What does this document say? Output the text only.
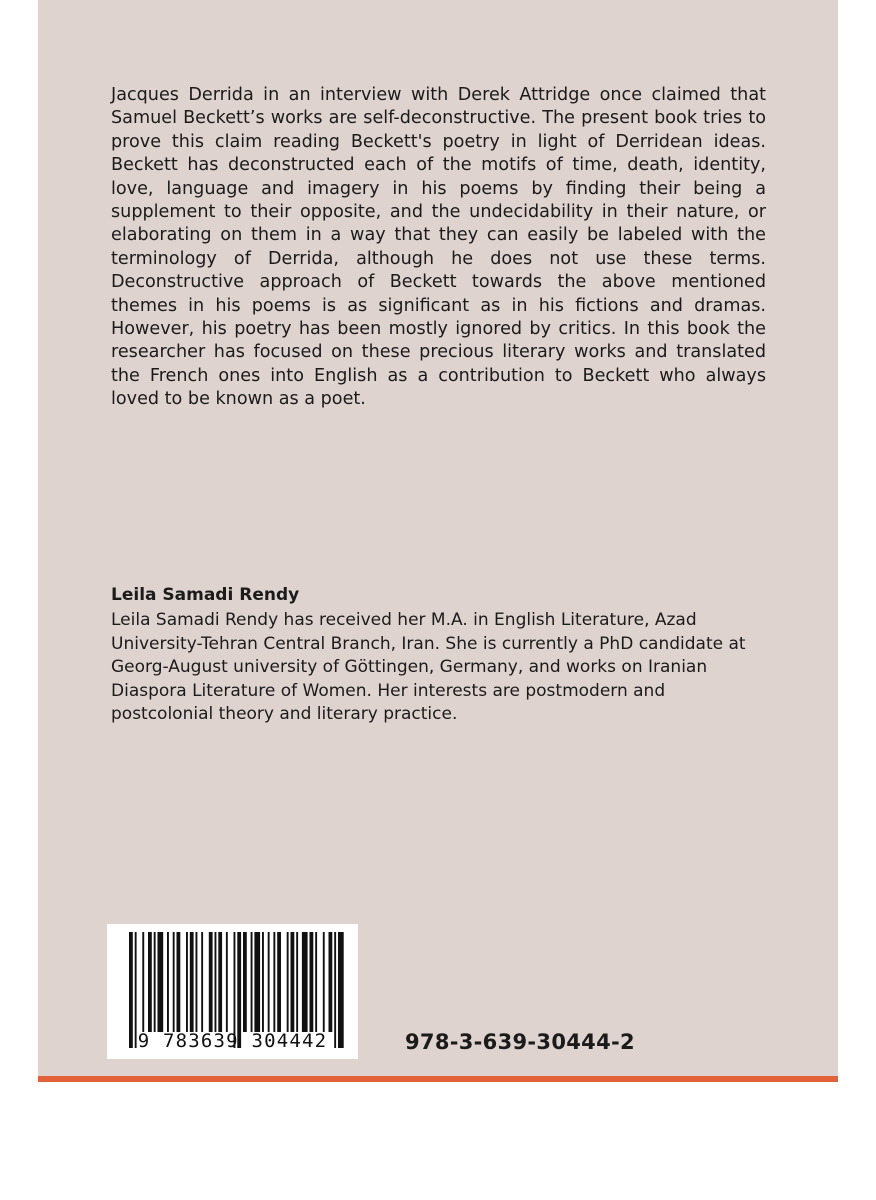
Jacques Derrida in an interview with Derek Attridge once claimed that Samuel Beckett’s works are self-deconstructive. The present book tries to prove this claim reading Beckett's poetry in light of Derridean ideas. Beckett has deconstructed each of the motifs of time, death, identity, love, language and imagery in his poems by finding their being a supplement to their opposite, and the undecidability in their nature, or elaborating on them in a way that they can easily be labeled with the terminology of Derrida, although he does not use these terms. Deconstructive approach of Beckett towards the above mentioned themes in his poems is as significant as in his fictions and dramas. However, his poetry has been mostly ignored by critics. In this book the researcher has focused on these precious literary works and translated the French ones into English as a contribution to Beckett who always loved to be known as a poet.

Leila Samadi Rendy

Leila Samadi Rendy has received her M.A. in English Literature, Azad University-Tehran Central Branch, Iran. She is currently a PhD candidate at Georg-August university of Göttingen, Germany, and works on Iranian Diaspora Literature of Women. Her interests are postmodern and postcolonial theory and literary practice.

9 783639 304442	978-3-639-30444-2
